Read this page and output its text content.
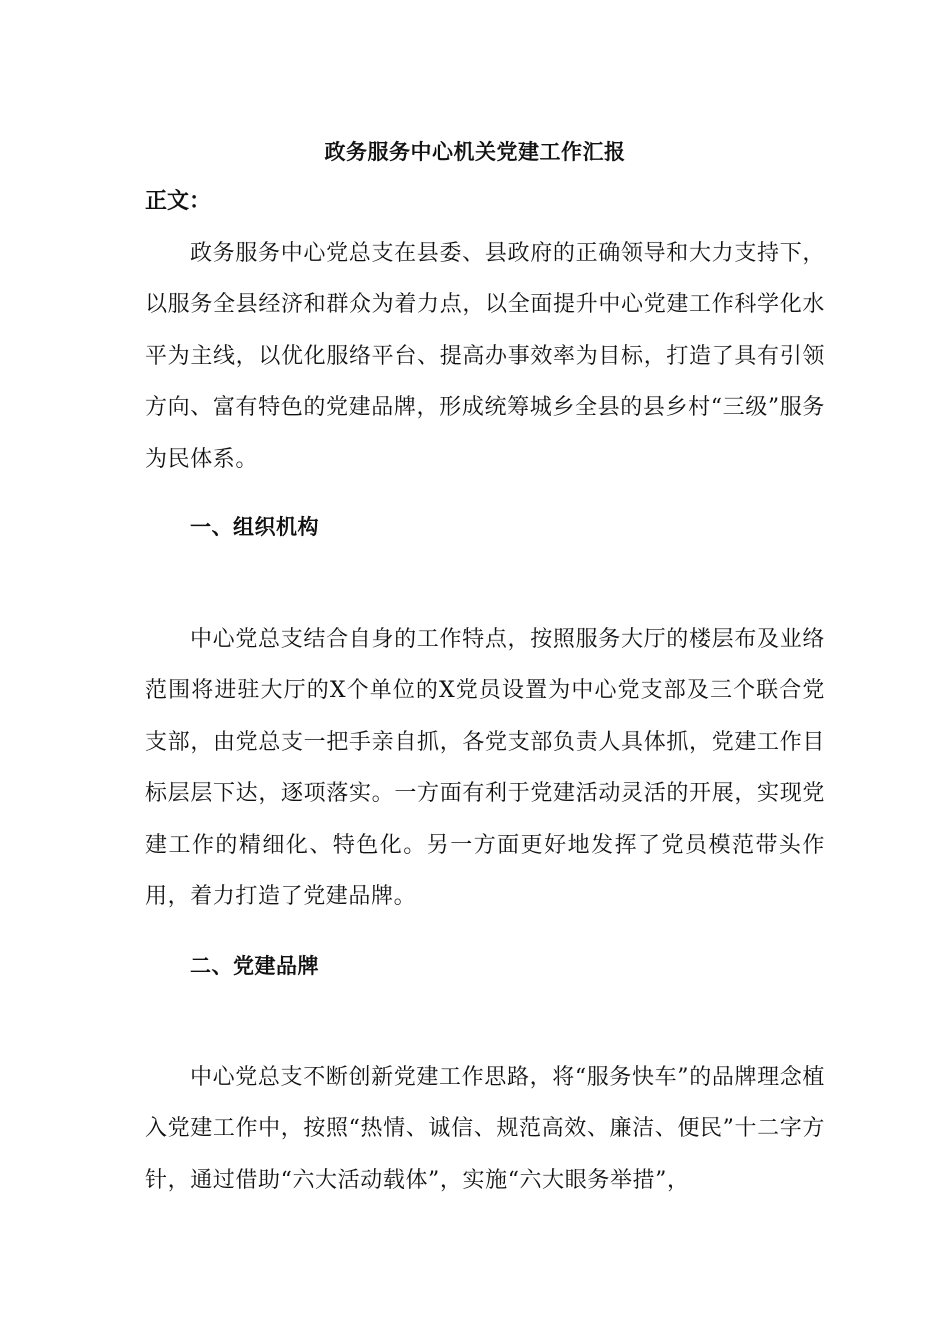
政务服务中心机关党建工作汇报
正文：

政务服务中心党总支在县委、县政府的正确领导和大力支持下，以服务全县经济和群众为着力点，以全面提升中心党建工作科学化水平为主线，以优化服络平台、提高办事效率为目标，打造了具有引领方向、富有特色的党建品牌，形成统筹城乡全县的县乡村“三级”服务为民体系。

一、组织机构

中心党总支结合自身的工作特点，按照服务大厅的楼层布及业络范围将进驻大厅的X个单位的X党员设置为中心党支部及三个联合党支部，由党总支一把手亲自抓，各党支部负责人具体抓，党建工作目标层层下达，逐项落实。一方面有利于党建活动灵活的开展，实现党建工作的精细化、特色化。另一方面更好地发挥了党员模范带头作用，着力打造了党建品牌。

二、党建品牌

中心党总支不断创新党建工作思路，将“服务快车”的品牌理念植入党建工作中，按照“热情、诚信、规范高效、廉洁、便民”十二字方针，通过借助“六大活动载体”，实施“六大眼务举措”，
